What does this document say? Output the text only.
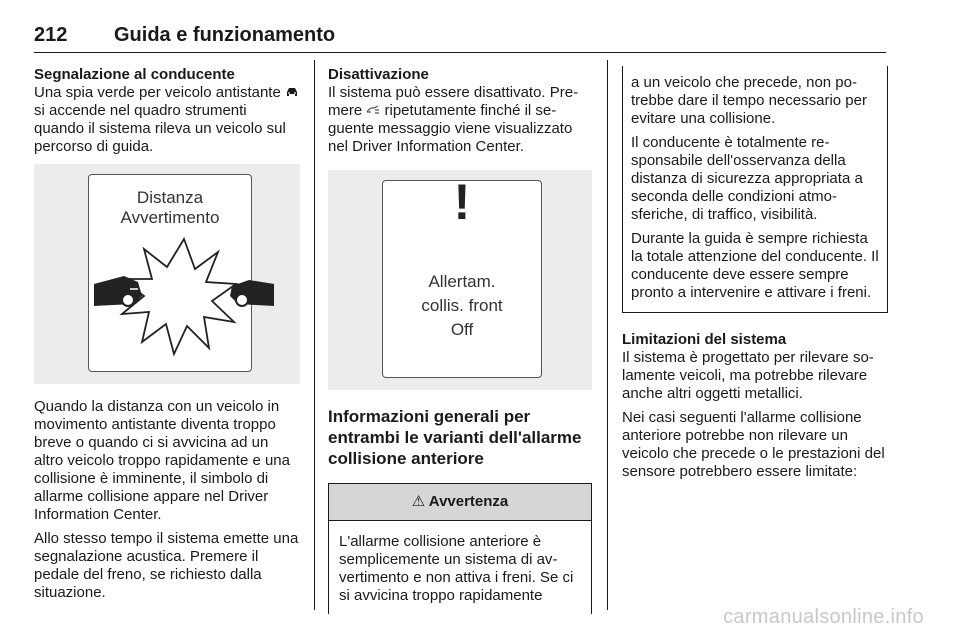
212 Guida e funzionamento
Segnalazione al conducente

Una spia verde per veicolo antistante  si accende nel quadro strumenti quando il sistema rileva un veicolo sul percorso di guida.

Distanza
Avvertimento

Quando la distanza con un veicolo in movimento antistante diventa troppo breve o quando ci si avvicina ad un altro veicolo troppo rapidamente e una collisione è imminente, il simbolo di allarme collisione appare nel Driver Information Center.

Allo stesso tempo il sistema emette una segnalazione acustica. Premere il pedale del freno, se richiesto dalla situazione.

Disattivazione

Il sistema può essere disattivato. Premere  ripetutamente finché il seguente messaggio viene visualizzato nel Driver Information Center.

!
Allertam.
collis. front
Off
Informazioni generali per entrambi le varianti dell'allarme collisione anteriore
⚠ Avvertenza
L'allarme collisione anteriore è semplicemente un sistema di avvertimento e non attiva i freni. Se ci si avvicina troppo rapidamente

a un veicolo che precede, non potrebbe dare il tempo necessario per evitare una collisione.

Il conducente è totalmente responsabile dell'osservanza della distanza di sicurezza appropriata a seconda delle condizioni atmosferiche, di traffico, visibilità.

Durante la guida è sempre richiesta la totale attenzione del conducente. Il conducente deve essere sempre pronto a intervenire e attivare i freni.

Limitazioni del sistema

Il sistema è progettato per rilevare solamente veicoli, ma potrebbe rilevare anche altri oggetti metallici.

Nei casi seguenti l'allarme collisione anteriore potrebbe non rilevare un veicolo che precede o le prestazioni del sensore potrebbero essere limitate:

carmanualsonline.info
